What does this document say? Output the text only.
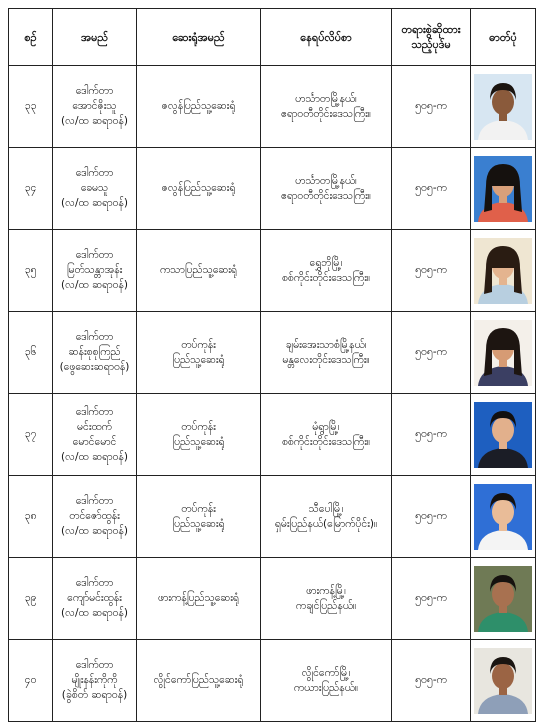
စဉ်	အမည်	ဆေးရုံအမည်	နေရပ်လိပ်စာ	တရားစွဲဆိုထားသည့်ပုဒ်မ	ဓာတ်ပုံ
၃၃	ဒေါက်တာ
အောင်ဇိုးသူ
(လ/ထ ဆရာဝန်)	ဇလွန်ပြည်သူ့ဆေးရုံ	ဟင်္သာတမြို့နယ်၊
ဧရာဝတီတိုင်းဒေသကြီး။	၅၀၅-က	

၃၄	ဒေါက်တာ
ခေမသူ
(လ/ထ ဆရာဝန်)	ဇလွန်ပြည်သူ့ဆေးရုံ	ဟင်္သာတမြို့နယ်၊
ဧရာဝတီတိုင်းဒေသကြီး။	၅၀၅-က	

၃၅	ဒေါက်တာ
မြတ်သန္တာအုန်း
(လ/ထ ဆရာဝန်)	ကသာပြည်သူ့ဆေးရုံ	ရွှေဘိုမြို့၊
စစ်ကိုင်းတိုင်းဒေသကြီး။	၅၀၅-က	

၃၆	ဒေါက်တာ
ဆန်းစုစုကြည်
(ဖွေဆေးဆရာဝန်)	တပ်ကုန်း
ပြည်သူ့ဆေးရုံ	ချမ်းအေးသာစံမြို့နယ်၊
မန္တလေးတိုင်းဒေသကြီး။	၅၀၅-က	

၃၇	ဒေါက်တာ
မင်းထက်
မောင်မောင်
(လ/ထ ဆရာဝန်)	တပ်ကုန်း
ပြည်သူ့ဆေးရုံ	မုံရွာမြို့၊
စစ်ကိုင်းတိုင်းဒေသကြီး။	၅၀၅-က	

၃၈	ဒေါက်တာ
တင်ဇော်ထွန်း
(လ/ထ ဆရာဝန်)	တပ်ကုန်း
ပြည်သူ့ဆေးရုံ	သီပေါမြို့၊
ရှမ်းပြည်နယ်(မြောက်ပိုင်း)။	၅၀၅-က	

၃၉	ဒေါက်တာ
ကျော်မင်းထွန်း
(လ/ထ ဆရာဝန်)	ဖားကန့်ပြည်သူ့ဆေးရုံ	ဖားကန့်မြို့၊
ကချင်ပြည်နယ်။	၅၀၅-က	

၄၀	ဒေါက်တာ
မျိုးနန်းကိုကို
(ခွဲစိတ် ဆရာဝန်)	လွိုင်ကော်ပြည်သူ့ဆေးရုံ	လွိုင်ကော်မြို့၊
ကယားပြည်နယ်။	၅၀၅-က	
